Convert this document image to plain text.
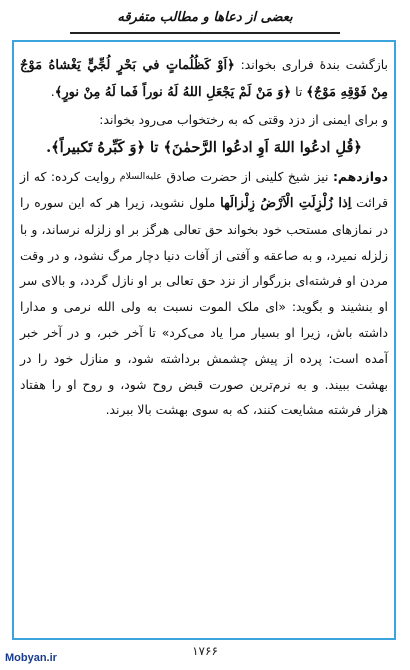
بعضی از دعاها و مطالب متفرقه

بازگشت بندهٔ فراری بخواند: ﴿اَوْ كَظُلُماتٍ في بَحْرٍ لُجِّيٍّ يَغْشاهُ مَوْجٌ مِنْ فَوْقِهِ مَوْجٌ﴾ تا ﴿وَ مَنْ لَمْ يَجْعَلِ اللهُ لَهُ نوراً فَما لَهُ مِنْ نورٍ﴾.

و برای ایمنی از دزد وقتی که به رختخواب می‌رود بخواند:
﴿قُلِ ادعُوا اللهَ اَوِ ادعُوا الرَّحمٰنَ﴾ تا ﴿وَ كَبِّرهُ تَكبيراً﴾.

دوازدهم: نیز شیخ کلینی از حضرت صادق $^{علیه‌السلام}$ روایت کرده: که از قرائت اِذا زُلْزِلَتِ الْاَرْضُ زِلْزالَها ملول نشوید، زیرا هر که این سوره را در نمازهای مستحب خود بخواند حق تعالی هرگز بر او زلزله نرساند، و با زلزله نمیرد، و به صاعقه و آفتی از آفات دنیا دچار مرگ نشود، و در وقت مردن او فرشته‌ای بزرگوار از نزد حق تعالی بر او نازل گردد، و بالای سر او بنشیند و بگوید: «ای ملک الموت نسبت به ولی الله نرمی و مدارا داشته باش، زیرا او بسیار مرا یاد می‌کرد» تا آخر خبر، و در آخر خبر آمده است: پرده از پیش چشمش برداشته شود، و منازل خود را در بهشت ببیند. و به نرم‌ترین صورت قبض روح شود، و روح او را هفتاد هزار فرشته مشایعت کنند، که به سوی بهشت بالا ببرند.

۱۷۶۶
Mobyan.ir
